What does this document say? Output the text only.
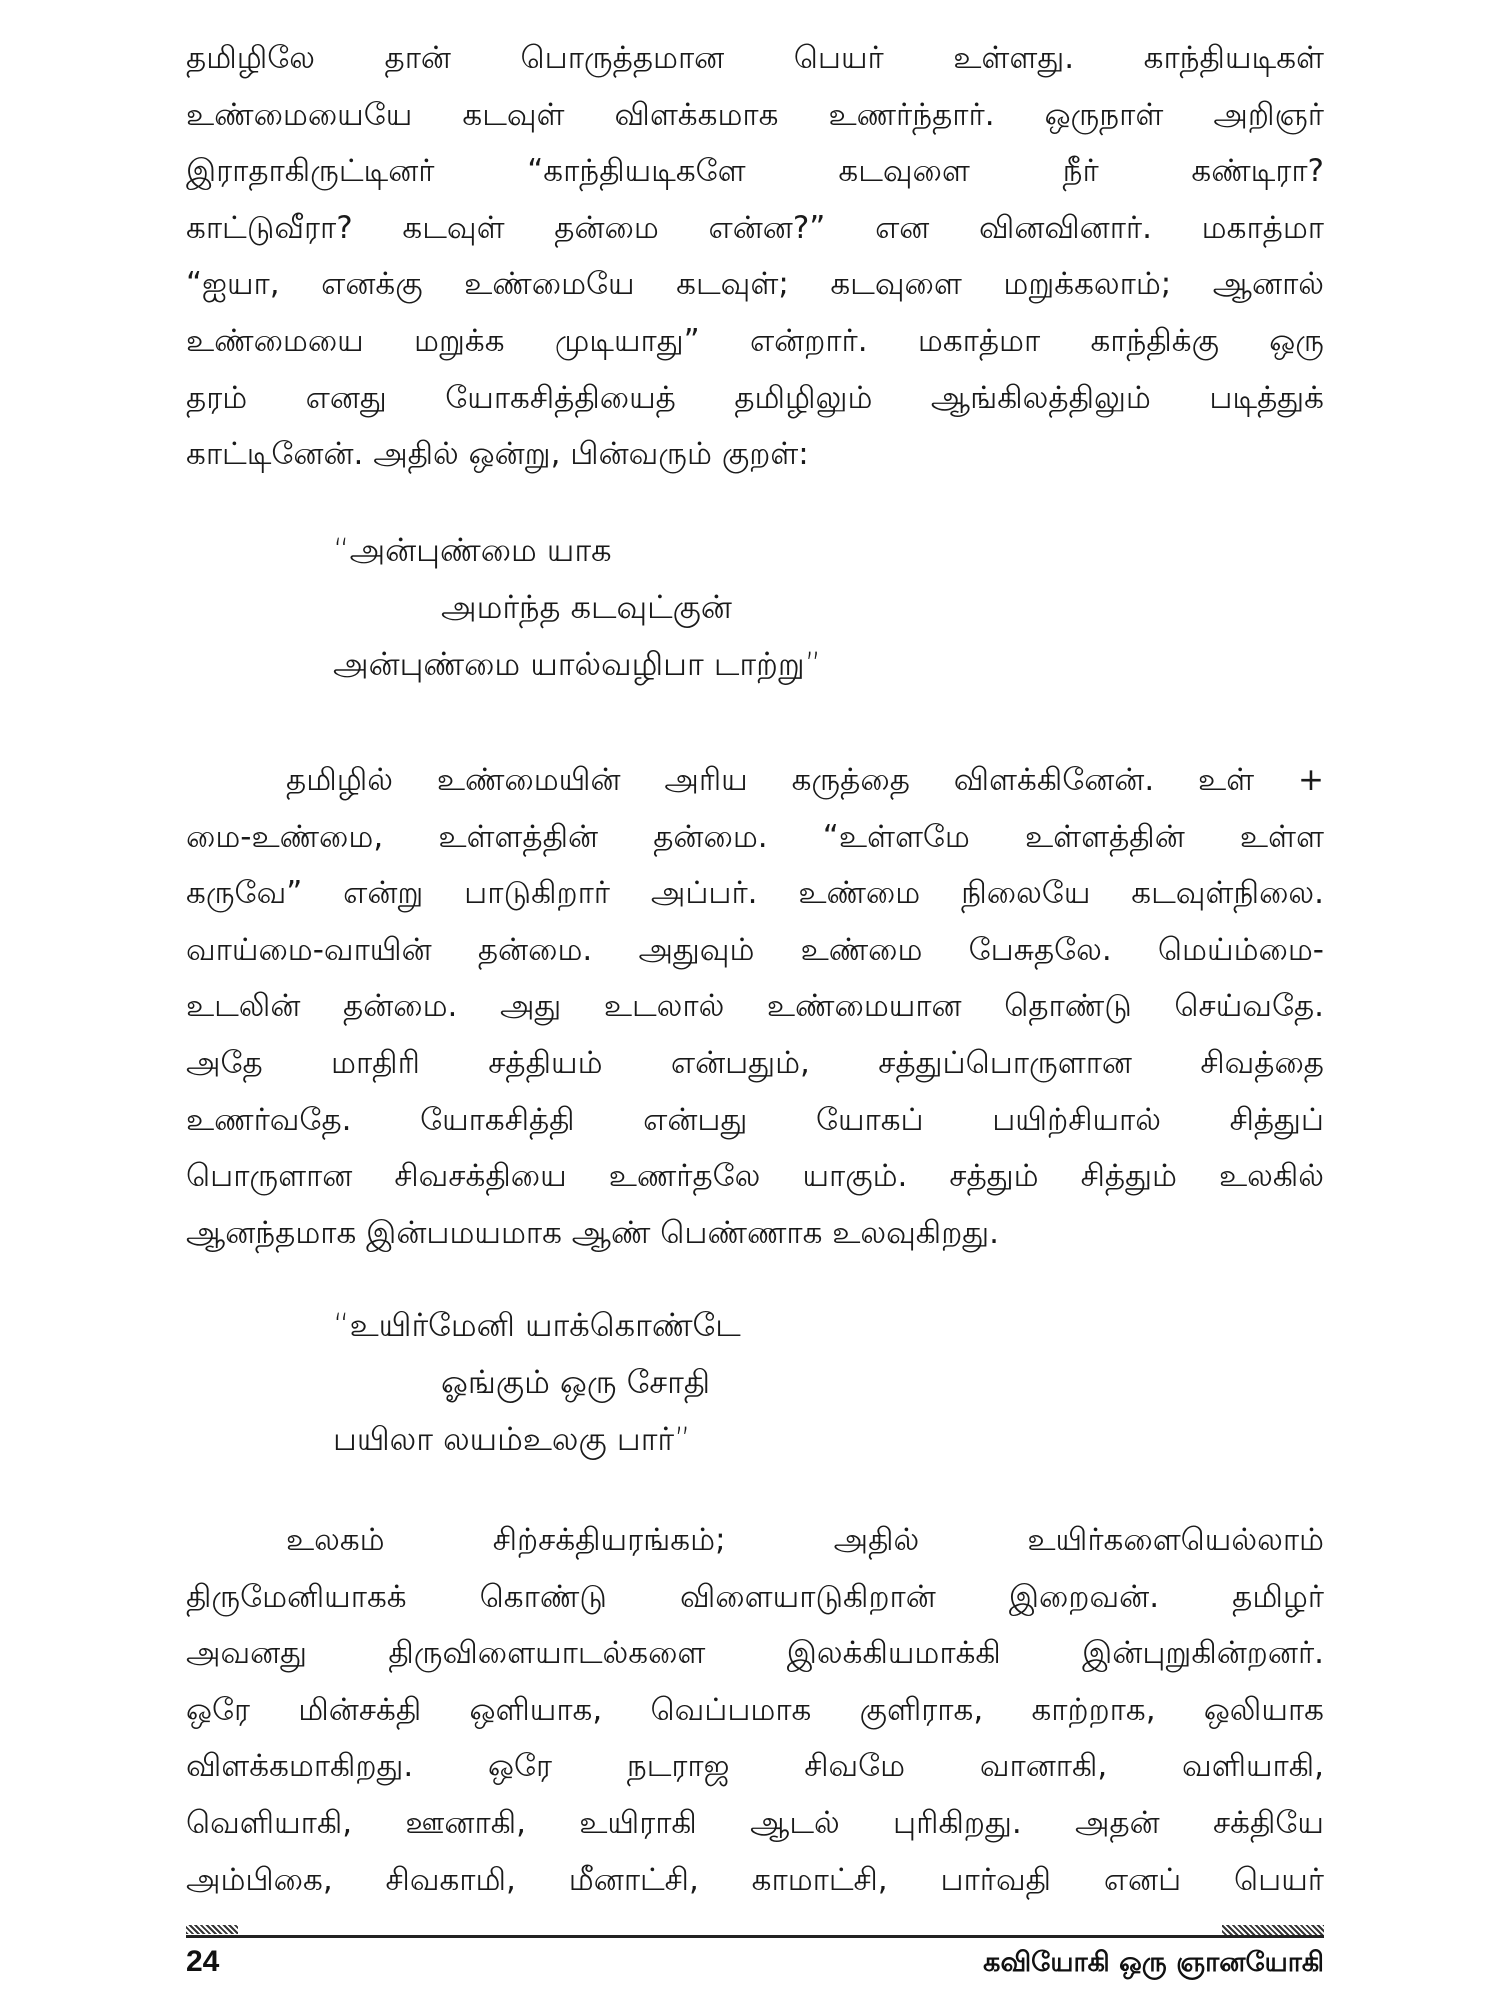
தமிழிலே தான் பொருத்தமான பெயர் உள்ளது. காந்தியடிகள்
உண்மையையே கடவுள் விளக்கமாக உணர்ந்தார். ஒருநாள் அறிஞர்
இராதாகிருட்டினர் “காந்தியடிகளே கடவுளை நீர் கண்டிரா?
காட்டுவீரா? கடவுள் தன்மை என்ன?” என வினவினார். மகாத்மா
“ஐயா, எனக்கு உண்மையே கடவுள்; கடவுளை மறுக்கலாம்; ஆனால்
உண்மையை மறுக்க முடியாது” என்றார். மகாத்மா காந்திக்கு ஒரு
தரம் எனது யோகசித்தியைத் தமிழிலும் ஆங்கிலத்திலும் படித்துக்
காட்டினேன். அதில் ஒன்று, பின்வரும் குறள்:
“அன்புண்மை யாக
அமர்ந்த கடவுட்குன்
அன்புண்மை யால்வழிபா டாற்று”
தமிழில் உண்மையின் அரிய கருத்தை விளக்கினேன். உள் +
மை-உண்மை, உள்ளத்தின் தன்மை. “உள்ளமே உள்ளத்தின் உள்ள
கருவே” என்று பாடுகிறார் அப்பர். உண்மை நிலையே கடவுள்நிலை.
வாய்மை-வாயின் தன்மை. அதுவும் உண்மை பேசுதலே. மெய்ம்மை-
உடலின் தன்மை. அது உடலால் உண்மையான தொண்டு செய்வதே.
அதே மாதிரி சத்தியம் என்பதும், சத்துப்பொருளான சிவத்தை
உணர்வதே. யோகசித்தி என்பது யோகப் பயிற்சியால் சித்துப்
பொருளான சிவசக்தியை உணர்தலே யாகும். சத்தும் சித்தும் உலகில்
ஆனந்தமாக இன்பமயமாக ஆண் பெண்ணாக உலவுகிறது.
“உயிர்மேனி யாக்கொண்டே
ஓங்கும் ஒரு சோதி
பயிலா லயம்உலகு பார்”
உலகம் சிற்சக்தியரங்கம்; அதில் உயிர்களையெல்லாம்
திருமேனியாகக் கொண்டு விளையாடுகிறான் இறைவன். தமிழர்
அவனது திருவிளையாடல்களை இலக்கியமாக்கி இன்புறுகின்றனர்.
ஒரே மின்சக்தி ஒளியாக, வெப்பமாக குளிராக, காற்றாக, ஒலியாக
விளக்கமாகிறது. ஒரே நடராஜ சிவமே வானாகி, வளியாகி,
வெளியாகி, ஊனாகி, உயிராகி ஆடல் புரிகிறது. அதன் சக்தியே
அம்பிகை, சிவகாமி, மீனாட்சி, காமாட்சி, பார்வதி எனப் பெயர்
24	கவியோகி ஒரு ஞானயோகி
